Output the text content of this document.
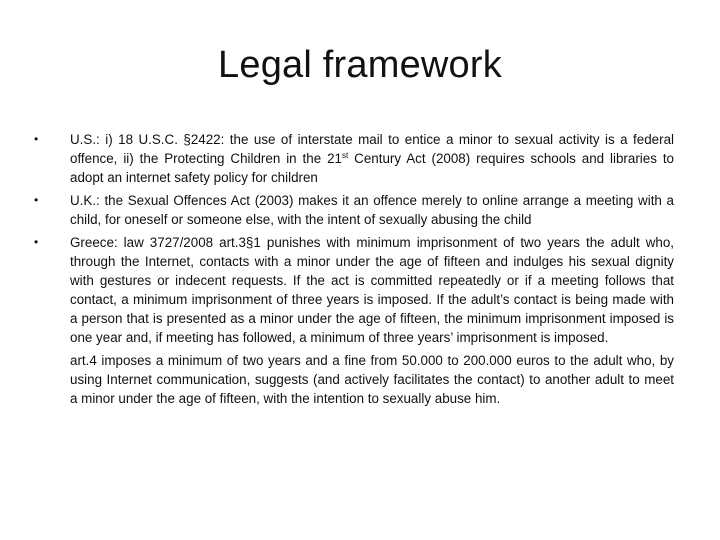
Legal framework
• U.S.: i) 18 U.S.C. §2422: the use of interstate mail to entice a minor to sexual activity is a federal offence, ii) the Protecting Children in the 21st Century Act (2008) requires schools and libraries to adopt an internet safety policy for children
• U.K.: the Sexual Offences Act (2003) makes it an offence merely to online arrange a meeting with a child, for oneself or someone else, with the intent of sexually abusing the child
• Greece: law 3727/2008 art.3§1 punishes with minimum imprisonment of two years the adult who, through the Internet, contacts with a minor under the age of fifteen and indulges his sexual dignity with gestures or indecent requests. If the act is committed repeatedly or if a meeting follows that contact, a minimum imprisonment of three years is imposed. If the adult’s contact is being made with a person that is presented as a minor under the age of fifteen, the minimum imprisonment imposed is one year and, if meeting has followed, a minimum of three years’ imprisonment is imposed.
art.4 imposes a minimum of two years and a fine from 50.000 to 200.000 euros to the adult who, by using Internet communication, suggests (and actively facilitates the contact) to another adult to meet a minor under the age of fifteen, with the intention to sexually abuse him.
